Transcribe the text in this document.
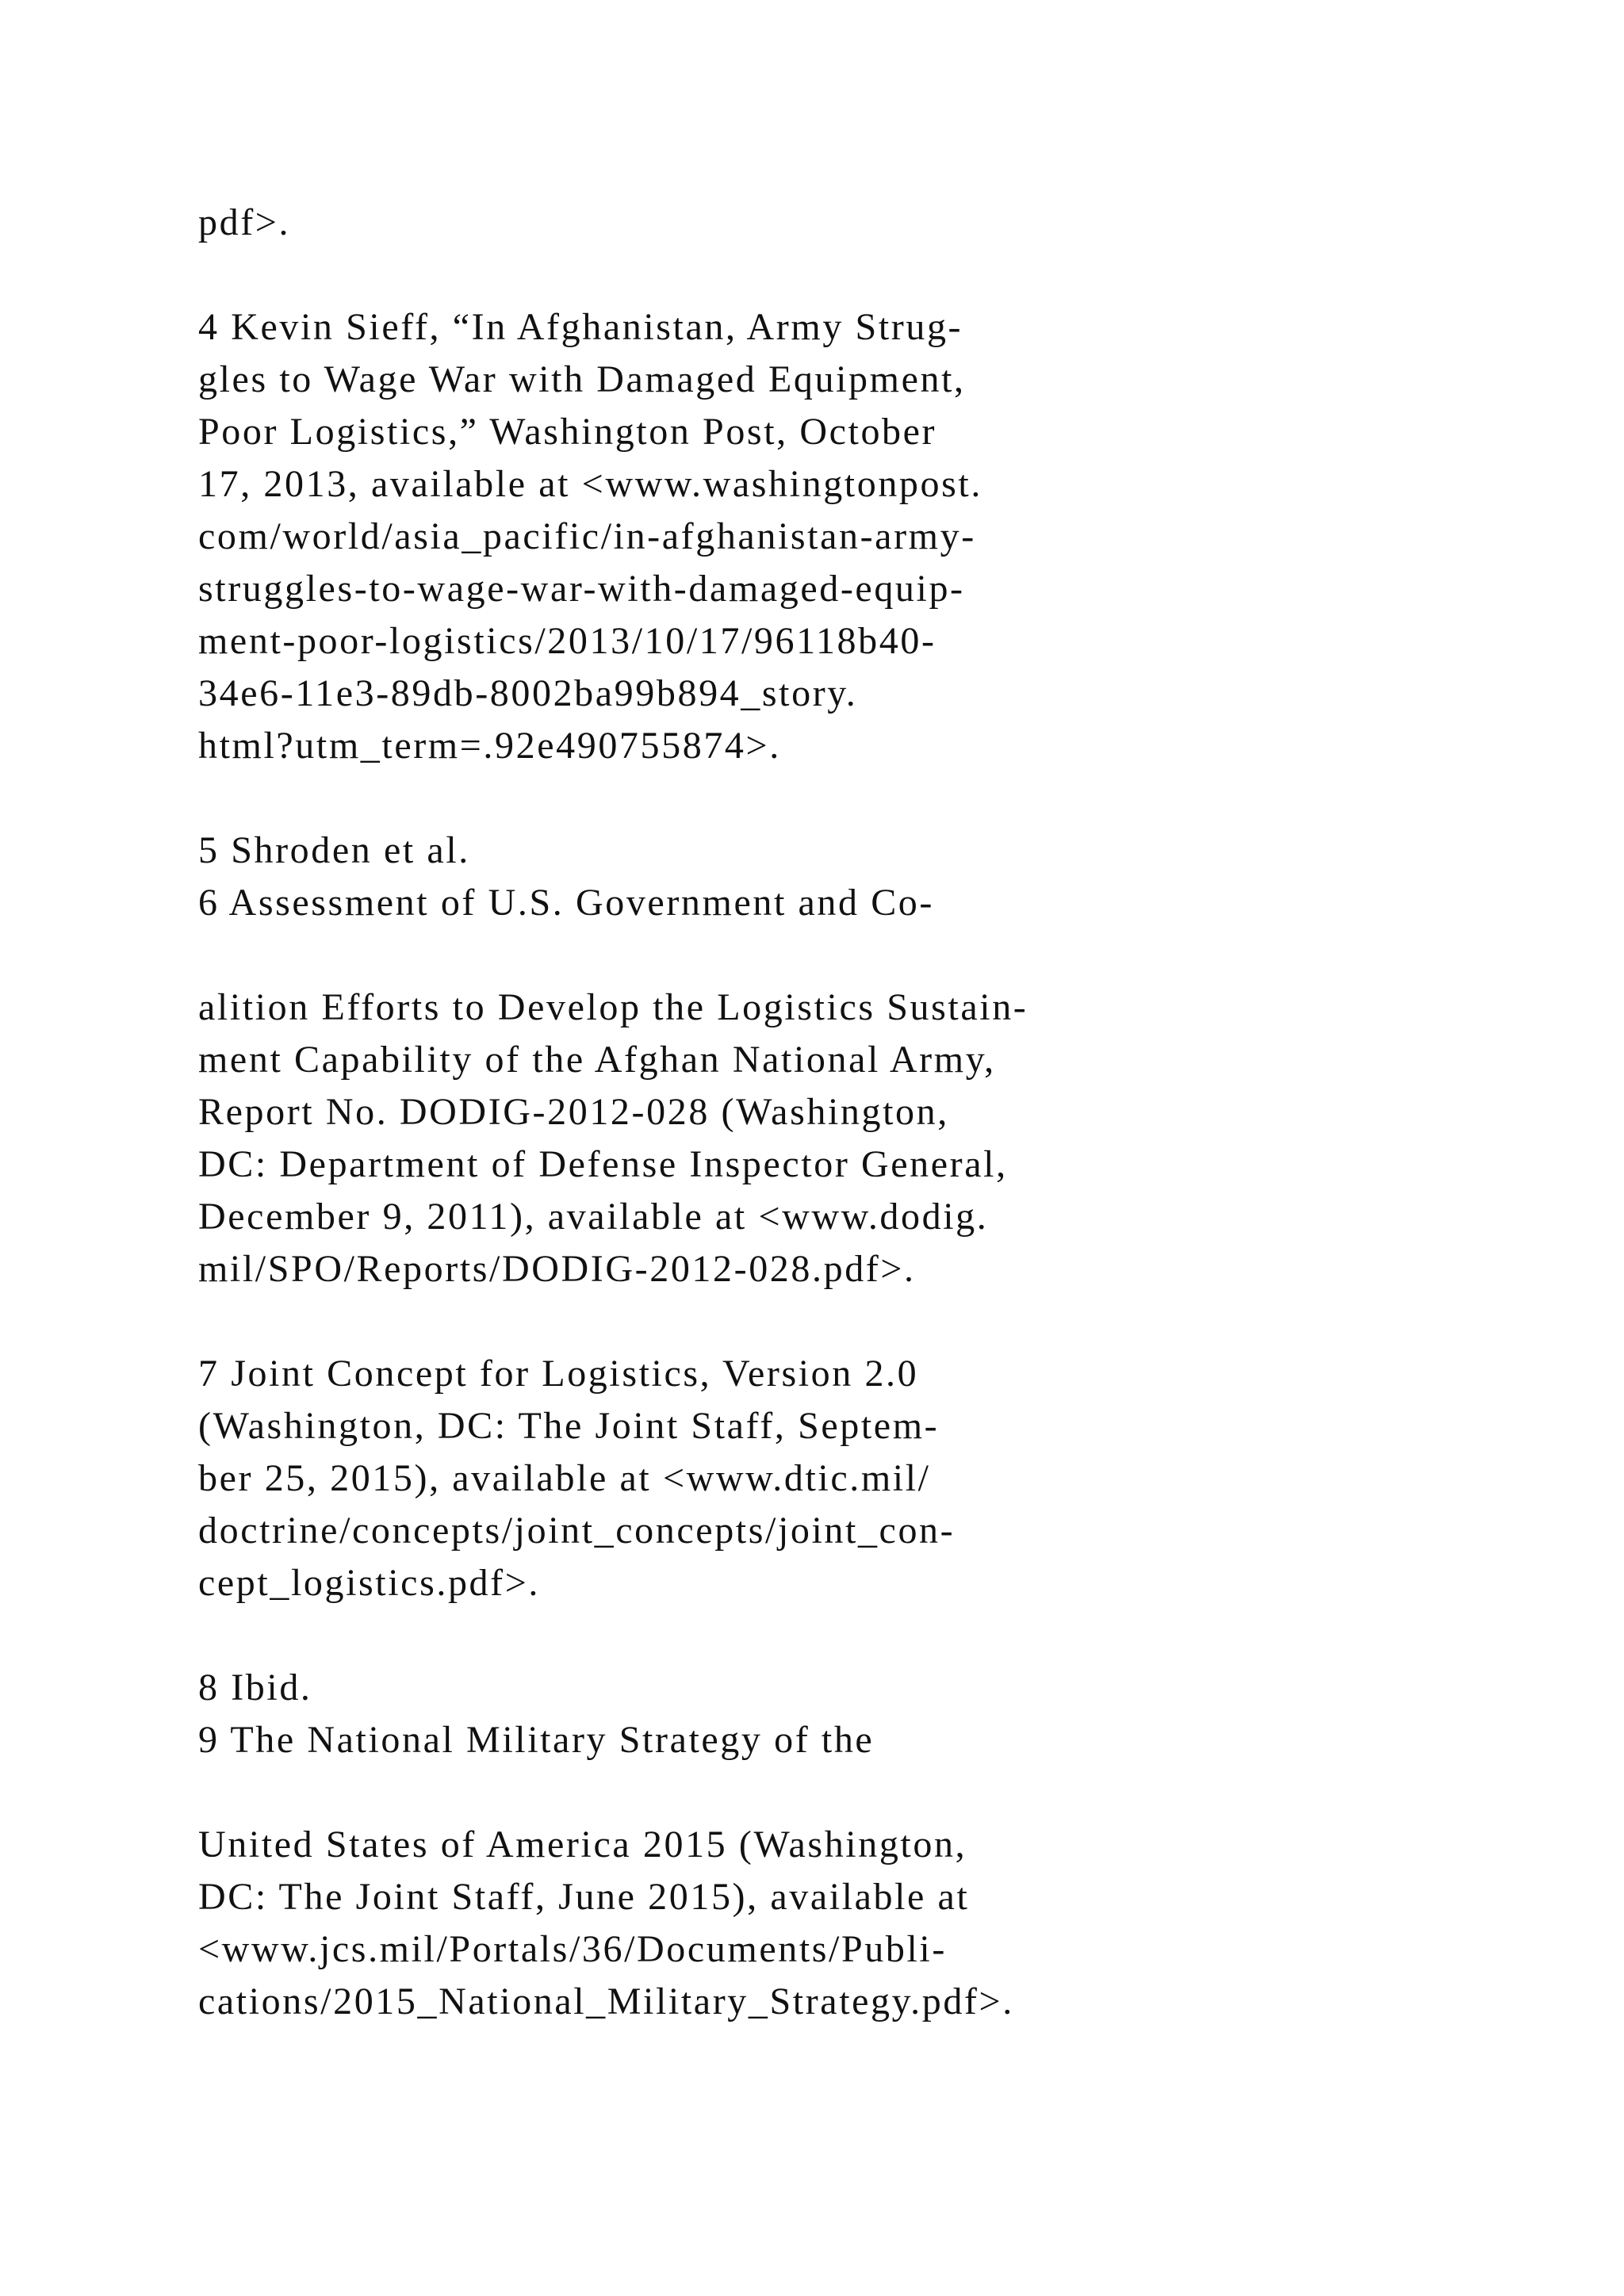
pdf>.
4 Kevin Sieff, “In Afghanistan, Army Strug-
gles to Wage War with Damaged Equipment,
Poor Logistics,” Washington Post, October
17, 2013, available at <www.washingtonpost.
com/world/asia_pacific/in-afghanistan-army-
struggles-to-wage-war-with-damaged-equip-
ment-poor-logistics/2013/10/17/96118b40-
34e6-11e3-89db-8002ba99b894_story.
html?utm_term=.92e490755874>.
5 Shroden et al.
6 Assessment of U.S. Government and Co-
alition Efforts to Develop the Logistics Sustain-
ment Capability of the Afghan National Army,
Report No. DODIG-2012-028 (Washington,
DC: Department of Defense Inspector General,
December 9, 2011), available at <www.dodig.
mil/SPO/Reports/DODIG-2012-028.pdf>.
7 Joint Concept for Logistics, Version 2.0
(Washington, DC: The Joint Staff, Septem-
ber 25, 2015), available at <www.dtic.mil/
doctrine/concepts/joint_concepts/joint_con-
cept_logistics.pdf>.
8 Ibid.
9 The National Military Strategy of the
United States of America 2015 (Washington,
DC: The Joint Staff, June 2015), available at
<www.jcs.mil/Portals/36/Documents/Publi-
cations/2015_National_Military_Strategy.pdf>.
